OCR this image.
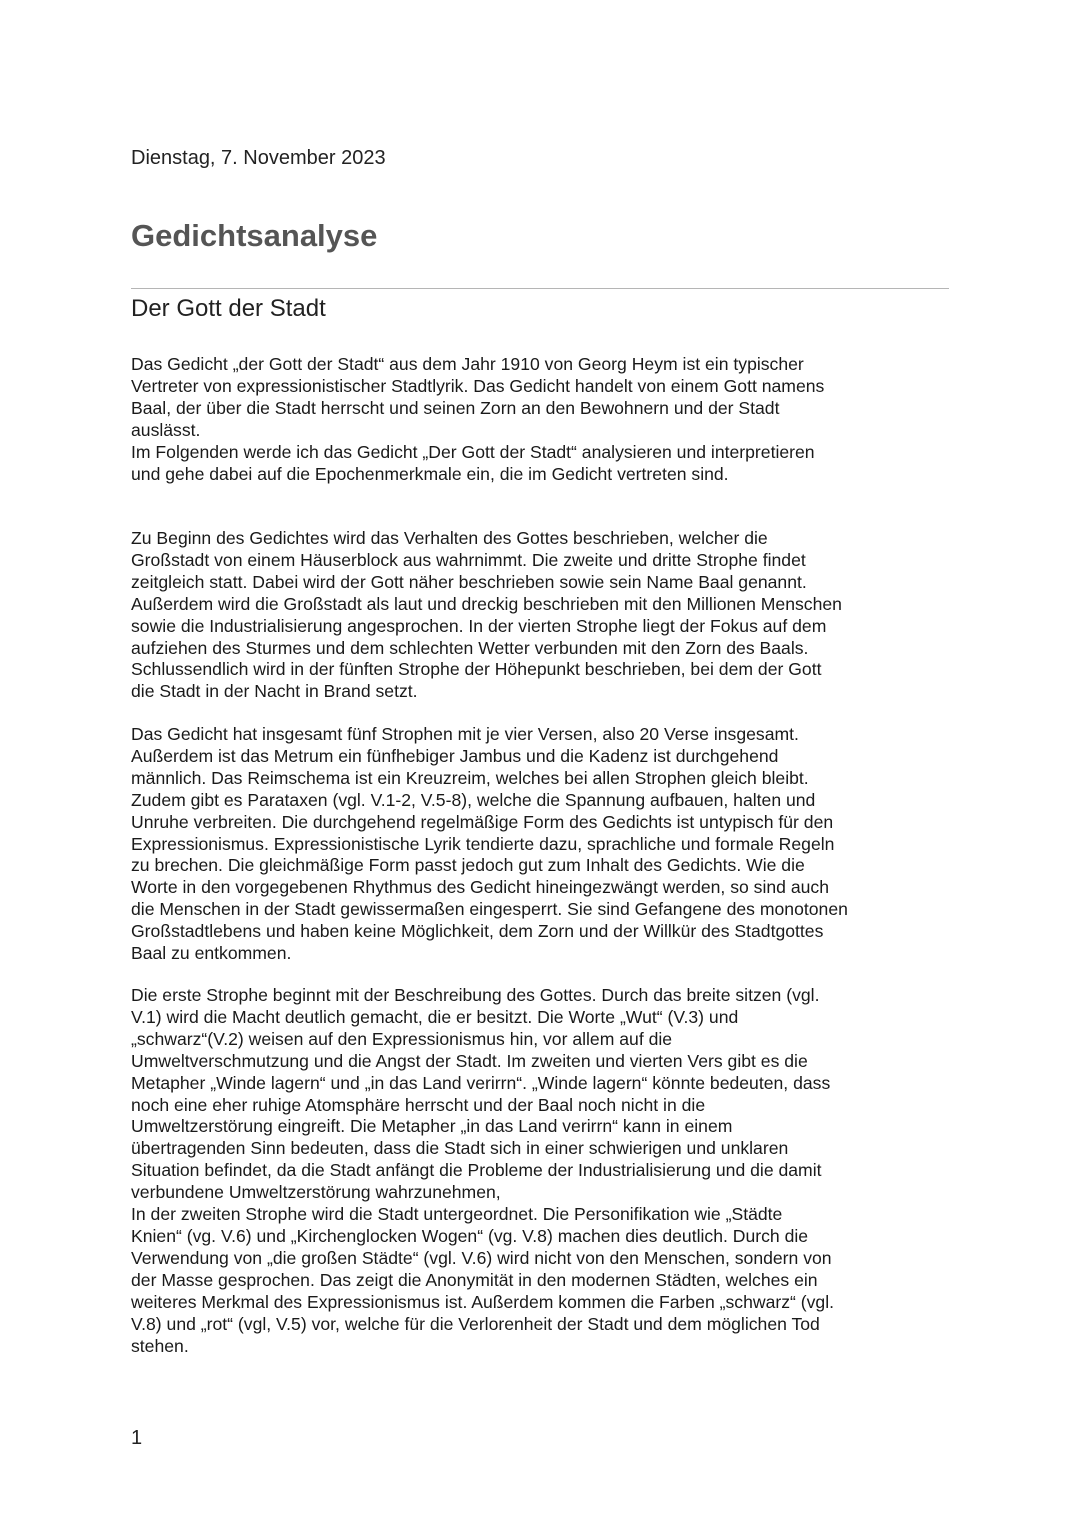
Dienstag, 7. November 2023
Gedichtsanalyse
Der Gott der Stadt

Das Gedicht „der Gott der Stadt“ aus dem Jahr 1910 von Georg Heym ist ein typischer
Vertreter von expressionistischer Stadtlyrik. Das Gedicht handelt von einem Gott namens
Baal, der über die Stadt herrscht und seinen Zorn an den Bewohnern und der Stadt
auslässt.
Im Folgenden werde ich das Gedicht „Der Gott der Stadt“ analysieren und interpretieren
und gehe dabei auf die Epochenmerkmale ein, die im Gedicht vertreten sind.

Zu Beginn des Gedichtes wird das Verhalten des Gottes beschrieben, welcher die
Großstadt von einem Häuserblock aus wahrnimmt. Die zweite und dritte Strophe findet
zeitgleich statt. Dabei wird der Gott näher beschrieben sowie sein Name Baal genannt.
Außerdem wird die Großstadt als laut und dreckig beschrieben mit den Millionen Menschen
sowie die Industrialisierung angesprochen. In der vierten Strophe liegt der Fokus auf dem
aufziehen des Sturmes und dem schlechten Wetter verbunden mit den Zorn des Baals.
Schlussendlich wird in der fünften Strophe der Höhepunkt beschrieben, bei dem der Gott
die Stadt in der Nacht in Brand setzt.

Das Gedicht hat insgesamt fünf Strophen mit je vier Versen, also 20 Verse insgesamt.
Außerdem ist das Metrum ein fünfhebiger Jambus und die Kadenz ist durchgehend
männlich. Das Reimschema ist ein Kreuzreim, welches bei allen Strophen gleich bleibt.
Zudem gibt es Parataxen (vgl. V.1-2, V.5-8), welche die Spannung aufbauen, halten und
Unruhe verbreiten. Die durchgehend regelmäßige Form des Gedichts ist untypisch für den
Expressionismus. Expressionistische Lyrik tendierte dazu, sprachliche und formale Regeln
zu brechen. Die gleichmäßige Form passt jedoch gut zum Inhalt des Gedichts. Wie die
Worte in den vorgegebenen Rhythmus des Gedicht hineingezwängt werden, so sind auch
die Menschen in der Stadt gewissermaßen eingesperrt. Sie sind Gefangene des monotonen
Großstadtlebens und haben keine Möglichkeit, dem Zorn und der Willkür des Stadtgottes
Baal zu entkommen.

Die erste Strophe beginnt mit der Beschreibung des Gottes. Durch das breite sitzen (vgl.
V.1) wird die Macht deutlich gemacht, die er besitzt. Die Worte „Wut“ (V.3) und
„schwarz“(V.2) weisen auf den Expressionismus hin, vor allem auf die
Umweltverschmutzung und die Angst der Stadt. Im zweiten und vierten Vers gibt es die
Metapher „Winde lagern“ und „in das Land verirrn“. „Winde lagern“ könnte bedeuten, dass
noch eine eher ruhige Atomsphäre herrscht und der Baal noch nicht in die
Umweltzerstörung eingreift. Die Metapher „in das Land verirrn“ kann in einem
übertragenden Sinn bedeuten, dass die Stadt sich in einer schwierigen und unklaren
Situation befindet, da die Stadt anfängt die Probleme der Industrialisierung und die damit
verbundene Umweltzerstörung wahrzunehmen,
In der zweiten Strophe wird die Stadt untergeordnet. Die Personifikation wie „Städte
Knien“ (vg. V.6) und „Kirchenglocken Wogen“ (vg. V.8) machen dies deutlich. Durch die
Verwendung von „die großen Städte“ (vgl. V.6) wird nicht von den Menschen, sondern von
der Masse gesprochen. Das zeigt die Anonymität in den modernen Städten, welches ein
weiteres Merkmal des Expressionismus ist. Außerdem kommen die Farben „schwarz“ (vgl.
V.8) und „rot“ (vgl, V.5) vor, welche für die Verlorenheit der Stadt und dem möglichen Tod
stehen.

1
